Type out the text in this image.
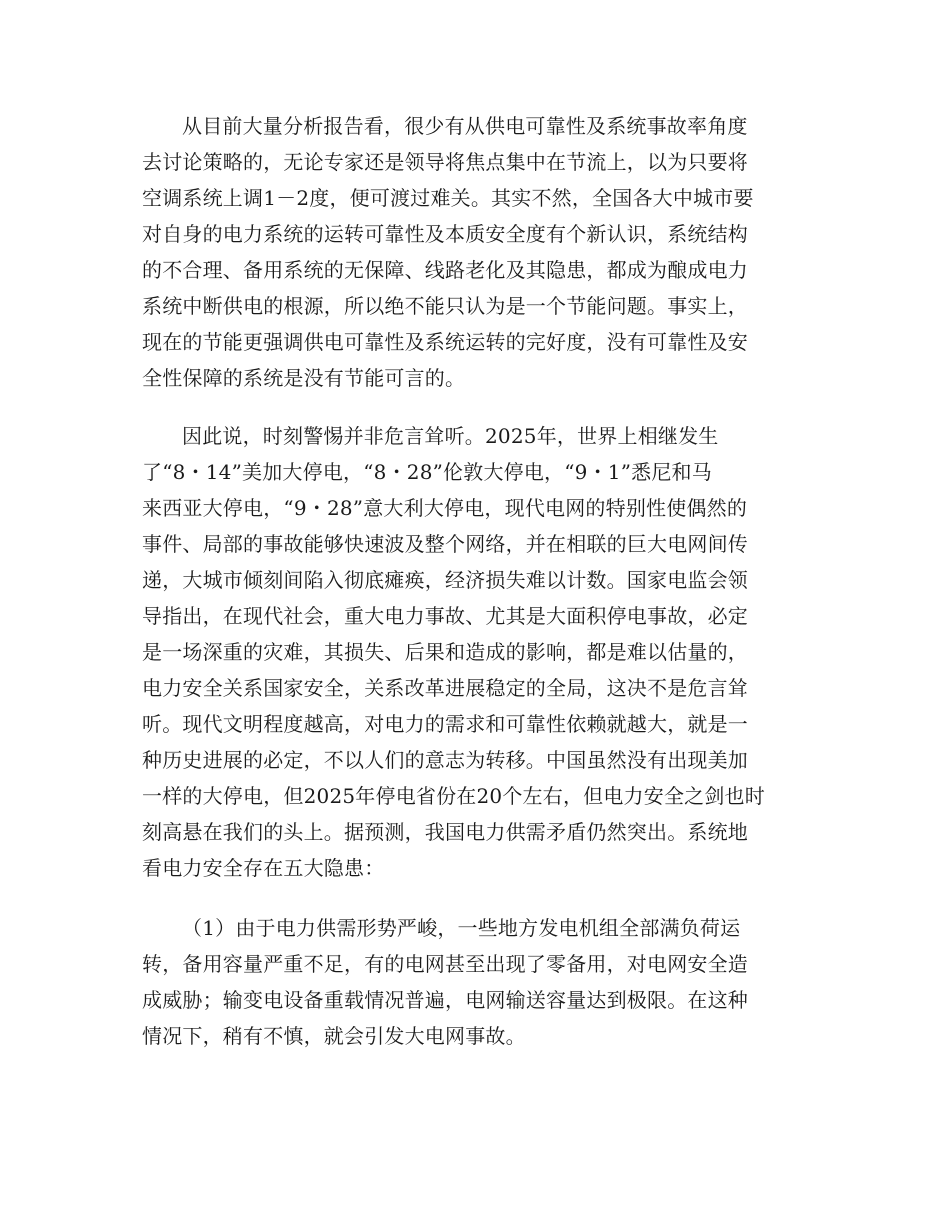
从目前大量分析报告看，很少有从供电可靠性及系统事故率角度
去讨论策略的，无论专家还是领导将焦点集中在节流上，以为只要将
空调系统上调1－2度，便可渡过难关。其实不然，全国各大中城市要
对自身的电力系统的运转可靠性及本质安全度有个新认识，系统结构
的不合理、备用系统的无保障、线路老化及其隐患，都成为酿成电力
系统中断供电的根源，所以绝不能只认为是一个节能问题。事实上，
现在的节能更强调供电可靠性及系统运转的完好度，没有可靠性及安
全性保障的系统是没有节能可言的。
因此说，时刻警惕并非危言耸听。2025年，世界上相继发生
了“8・14”美加大停电，“8・28”伦敦大停电，“9・1”悉尼和马
来西亚大停电，“9・28”意大利大停电，现代电网的特别性使偶然的
事件、局部的事故能够快速波及整个网络，并在相联的巨大电网间传
递，大城市倾刻间陷入彻底瘫痪，经济损失难以计数。国家电监会领
导指出，在现代社会，重大电力事故、尤其是大面积停电事故，必定
是一场深重的灾难，其损失、后果和造成的影响，都是难以估量的，
电力安全关系国家安全，关系改革进展稳定的全局，这决不是危言耸
听。现代文明程度越高，对电力的需求和可靠性依赖就越大，就是一
种历史进展的必定，不以人们的意志为转移。中国虽然没有出现美加
一样的大停电，但2025年停电省份在20个左右，但电力安全之剑也时
刻高悬在我们的头上。据预测，我国电力供需矛盾仍然突出。系统地
看电力安全存在五大隐患：
（1）由于电力供需形势严峻，一些地方发电机组全部满负荷运
转，备用容量严重不足，有的电网甚至出现了零备用，对电网安全造
成威胁；输变电设备重载情况普遍，电网输送容量达到极限。在这种
情况下，稍有不慎，就会引发大电网事故。
